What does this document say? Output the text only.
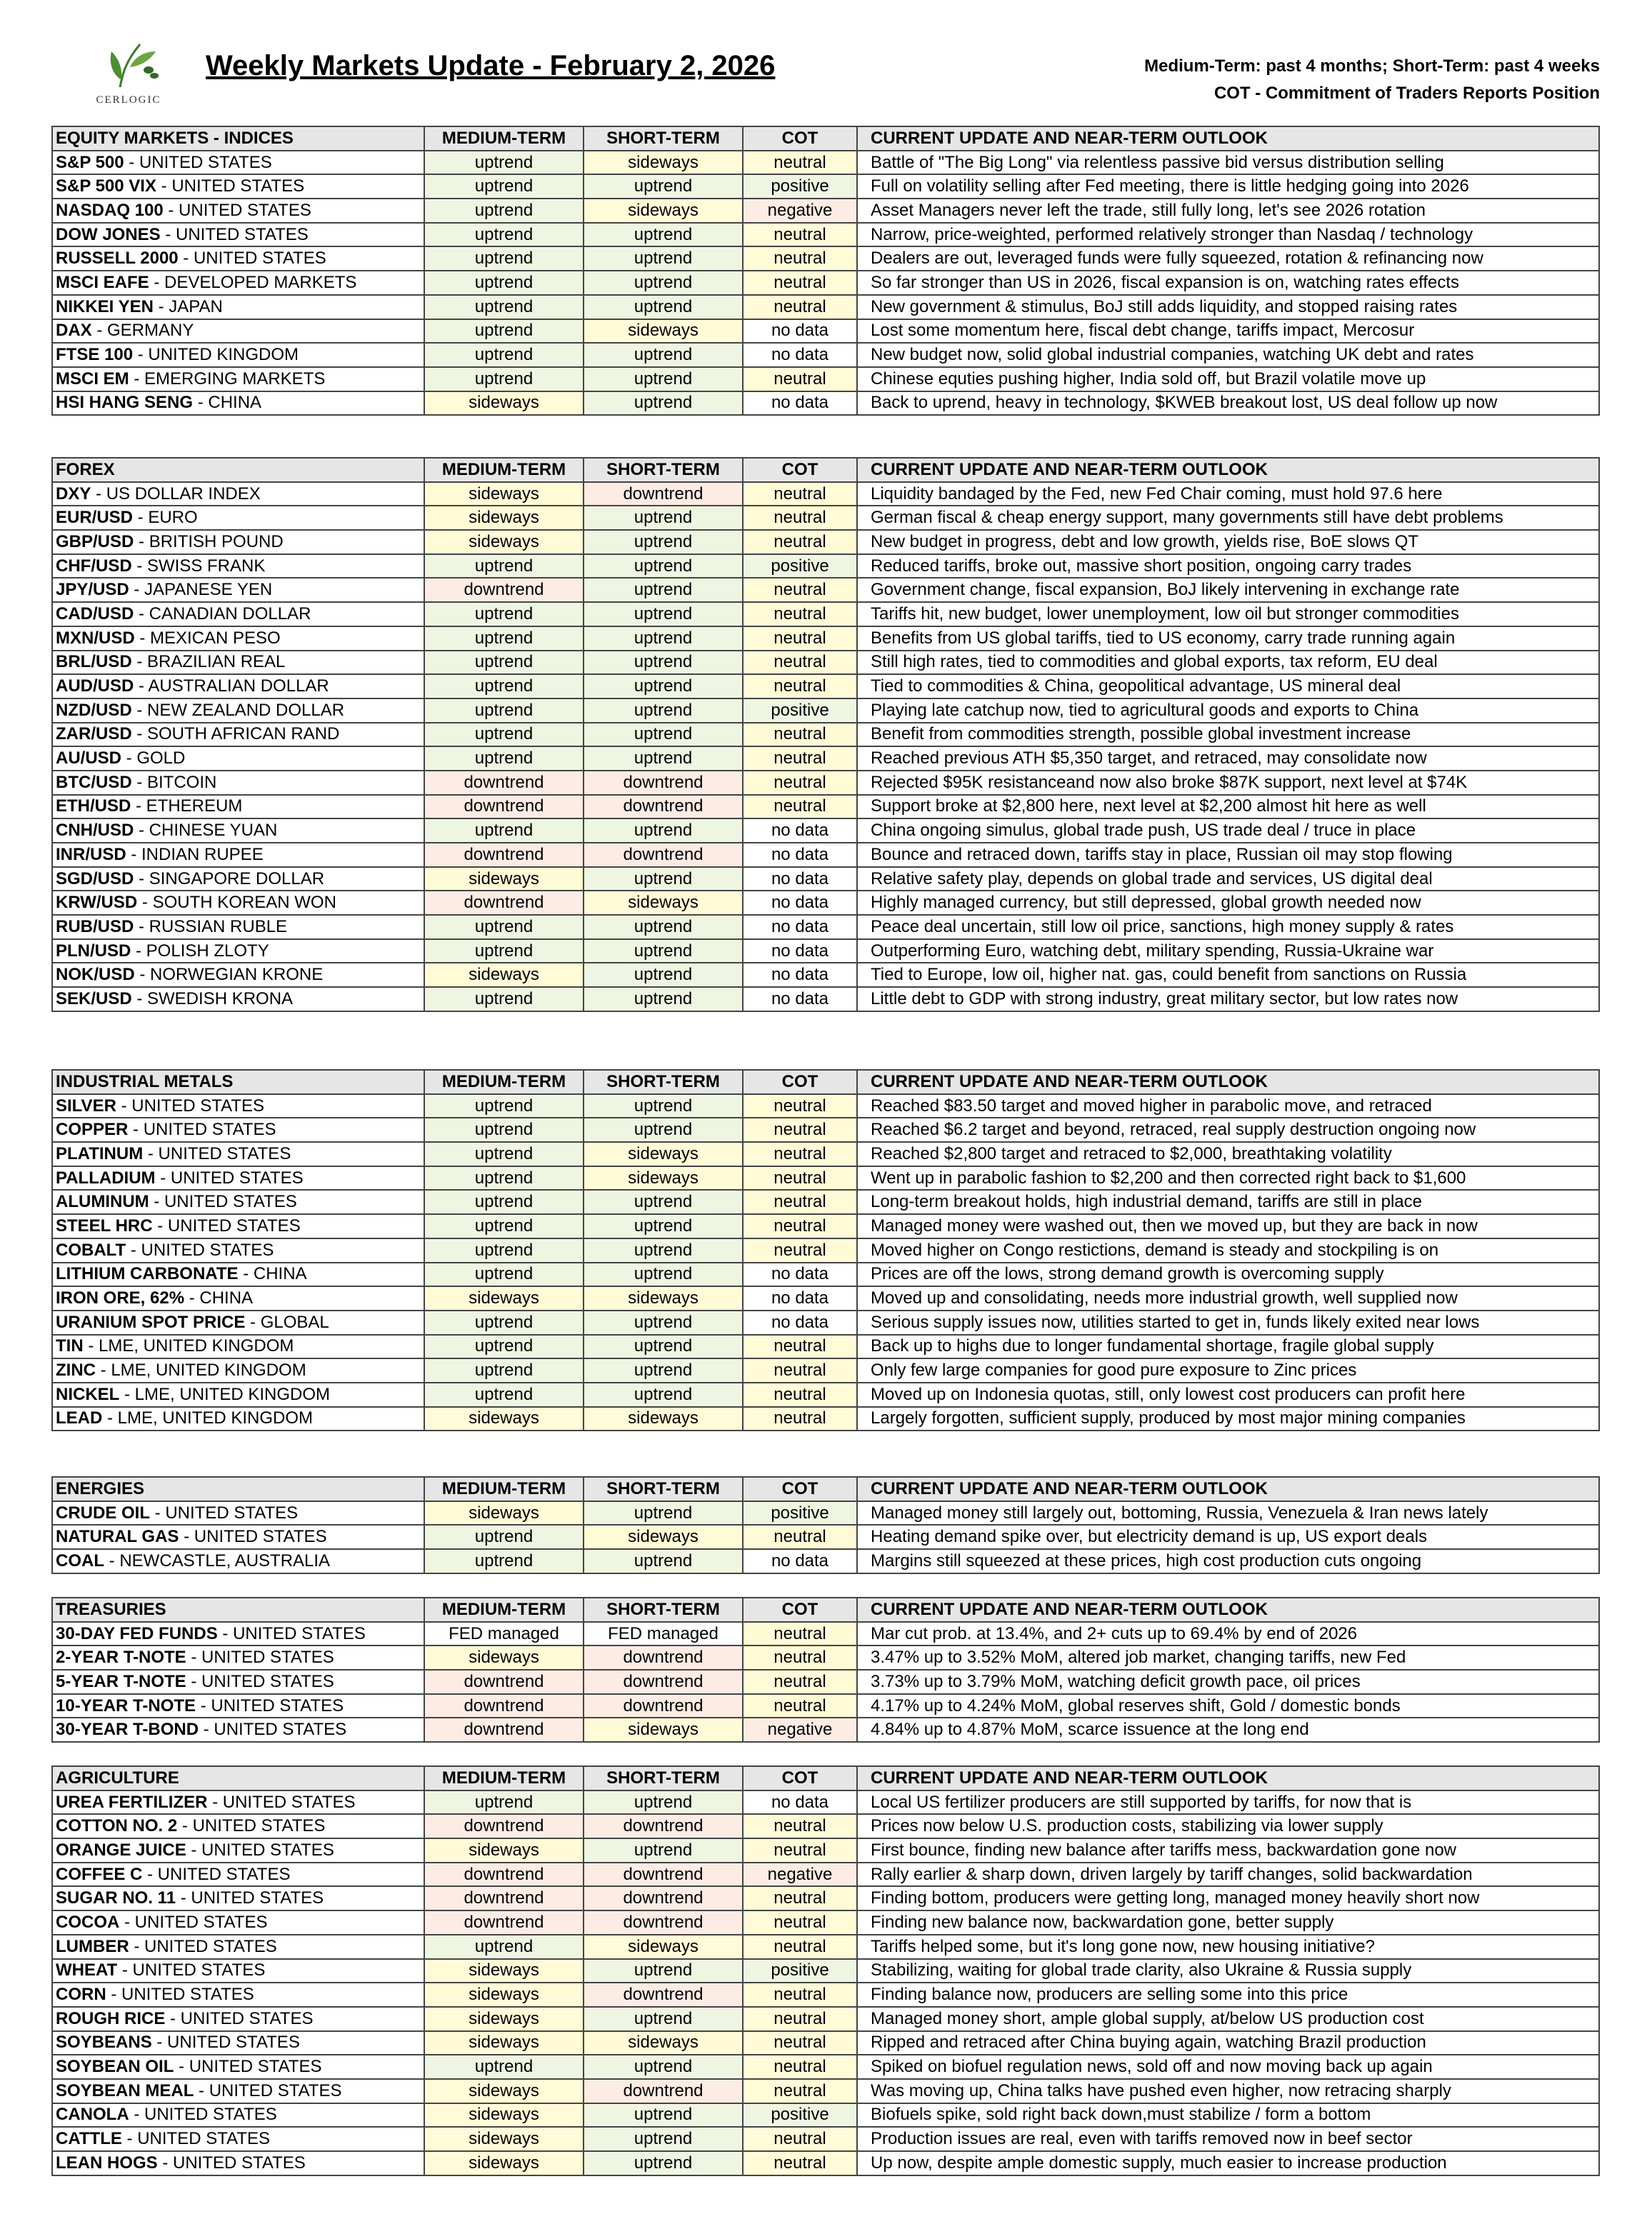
CERLOGIC
Weekly Markets Update - February 2, 2026	Medium-Term: past 4 months; Short-Term: past 4 weeks
COT - Commitment of Traders Reports Position
EQUITY MARKETS - INDICES	MEDIUM-TERM	SHORT-TERM	COT	CURRENT UPDATE AND NEAR-TERM OUTLOOK
S&P 500 - UNITED STATES	uptrend	sideways	neutral	Battle of "The Big Long" via relentless passive bid versus distribution selling
S&P 500 VIX - UNITED STATES	uptrend	uptrend	positive	Full on volatility selling after Fed meeting, there is little hedging going into 2026
NASDAQ 100 - UNITED STATES	uptrend	sideways	negative	Asset Managers never left the trade, still fully long, let's see 2026 rotation
DOW JONES - UNITED STATES	uptrend	uptrend	neutral	Narrow, price-weighted, performed relatively stronger than Nasdaq / technology
RUSSELL 2000 - UNITED STATES	uptrend	uptrend	neutral	Dealers are out, leveraged funds were fully squeezed, rotation & refinancing now
MSCI EAFE - DEVELOPED MARKETS	uptrend	uptrend	neutral	So far stronger than US in 2026, fiscal expansion is on, watching rates effects
NIKKEI YEN - JAPAN	uptrend	uptrend	neutral	New government & stimulus, BoJ still adds liquidity, and stopped raising rates
DAX - GERMANY	uptrend	sideways	no data	Lost some momentum here, fiscal debt change, tariffs impact, Mercosur
FTSE 100 - UNITED KINGDOM	uptrend	uptrend	no data	New budget now, solid global industrial companies, watching UK debt and rates
MSCI EM - EMERGING MARKETS	uptrend	uptrend	neutral	Chinese equties pushing higher, India sold off, but Brazil volatile move up
HSI HANG SENG - CHINA	sideways	uptrend	no data	Back to uprend, heavy in technology, $KWEB breakout lost, US deal follow up now
FOREX	MEDIUM-TERM	SHORT-TERM	COT	CURRENT UPDATE AND NEAR-TERM OUTLOOK
DXY - US DOLLAR INDEX	sideways	downtrend	neutral	Liquidity bandaged by the Fed, new Fed Chair coming, must hold 97.6 here
EUR/USD - EURO	sideways	uptrend	neutral	German fiscal & cheap energy support, many governments still have debt problems
GBP/USD - BRITISH POUND	sideways	uptrend	neutral	New budget in progress, debt and low growth, yields rise, BoE slows QT
CHF/USD - SWISS FRANK	uptrend	uptrend	positive	Reduced tariffs, broke out, massive short position, ongoing carry trades
JPY/USD - JAPANESE YEN	downtrend	uptrend	neutral	Government change, fiscal expansion, BoJ likely intervening in exchange rate
CAD/USD - CANADIAN DOLLAR	uptrend	uptrend	neutral	Tariffs hit, new budget, lower unemployment, low oil but stronger commodities
MXN/USD - MEXICAN PESO	uptrend	uptrend	neutral	Benefits from US global tariffs, tied to US economy, carry trade running again
BRL/USD - BRAZILIAN REAL	uptrend	uptrend	neutral	Still high rates, tied to commodities and global exports, tax reform, EU deal
AUD/USD - AUSTRALIAN DOLLAR	uptrend	uptrend	neutral	Tied to commodities & China, geopolitical advantage, US mineral deal
NZD/USD - NEW ZEALAND DOLLAR	uptrend	uptrend	positive	Playing late catchup now, tied to agricultural goods and exports to China
ZAR/USD - SOUTH AFRICAN RAND	uptrend	uptrend	neutral	Benefit from commodities strength, possible global investment increase
AU/USD - GOLD	uptrend	uptrend	neutral	Reached previous ATH $5,350 target, and retraced, may consolidate now
BTC/USD - BITCOIN	downtrend	downtrend	neutral	Rejected $95K resistanceand now also broke $87K support, next level at $74K
ETH/USD - ETHEREUM	downtrend	downtrend	neutral	Support broke at $2,800 here, next level at $2,200 almost hit here as well
CNH/USD - CHINESE YUAN	uptrend	uptrend	no data	China ongoing simulus, global trade push, US trade deal / truce in place
INR/USD - INDIAN RUPEE	downtrend	downtrend	no data	Bounce and retraced down, tariffs stay in place, Russian oil may stop flowing
SGD/USD - SINGAPORE DOLLAR	sideways	uptrend	no data	Relative safety play, depends on global trade and services, US digital deal
KRW/USD - SOUTH KOREAN WON	downtrend	sideways	no data	Highly managed currency, but still depressed, global growth needed now
RUB/USD - RUSSIAN RUBLE	uptrend	uptrend	no data	Peace deal uncertain, still low oil price, sanctions, high money supply & rates
PLN/USD - POLISH ZLOTY	uptrend	uptrend	no data	Outperforming Euro, watching debt, military spending, Russia-Ukraine war
NOK/USD - NORWEGIAN KRONE	sideways	uptrend	no data	Tied to Europe, low oil, higher nat. gas, could benefit from sanctions on Russia
SEK/USD - SWEDISH KRONA	uptrend	uptrend	no data	Little debt to GDP with strong industry, great military sector, but low rates now
INDUSTRIAL METALS	MEDIUM-TERM	SHORT-TERM	COT	CURRENT UPDATE AND NEAR-TERM OUTLOOK
SILVER - UNITED STATES	uptrend	uptrend	neutral	Reached $83.50 target and moved higher in parabolic move, and retraced
COPPER - UNITED STATES	uptrend	uptrend	neutral	Reached $6.2 target and beyond, retraced, real supply destruction ongoing now
PLATINUM - UNITED STATES	uptrend	sideways	neutral	Reached $2,800 target and retraced to $2,000, breathtaking volatility
PALLADIUM - UNITED STATES	uptrend	sideways	neutral	Went up in parabolic fashion to $2,200 and then corrected right back to $1,600
ALUMINUM - UNITED STATES	uptrend	uptrend	neutral	Long-term breakout holds, high industrial demand, tariffs are still in place
STEEL HRC - UNITED STATES	uptrend	uptrend	neutral	Managed money were washed out, then we moved up, but they are back in now
COBALT - UNITED STATES	uptrend	uptrend	neutral	Moved higher on Congo restictions, demand is steady and stockpiling is on
LITHIUM CARBONATE - CHINA	uptrend	uptrend	no data	Prices are off the lows, strong demand growth is overcoming supply
IRON ORE, 62% - CHINA	sideways	sideways	no data	Moved up and consolidating, needs more industrial growth, well supplied now
URANIUM SPOT PRICE - GLOBAL	uptrend	uptrend	no data	Serious supply issues now, utilities started to get in, funds likely exited near lows
TIN - LME, UNITED KINGDOM	uptrend	uptrend	neutral	Back up to highs due to longer fundamental shortage, fragile global supply
ZINC - LME, UNITED KINGDOM	uptrend	uptrend	neutral	Only few large companies for good pure exposure to Zinc prices
NICKEL - LME, UNITED KINGDOM	uptrend	uptrend	neutral	Moved up on Indonesia quotas, still, only lowest cost producers can profit here
LEAD - LME, UNITED KINGDOM	sideways	sideways	neutral	Largely forgotten, sufficient supply, produced by most major mining companies
ENERGIES	MEDIUM-TERM	SHORT-TERM	COT	CURRENT UPDATE AND NEAR-TERM OUTLOOK
CRUDE OIL - UNITED STATES	sideways	uptrend	positive	Managed money still largely out, bottoming, Russia, Venezuela & Iran news lately
NATURAL GAS - UNITED STATES	uptrend	sideways	neutral	Heating demand spike over, but electricity demand is up, US export deals
COAL - NEWCASTLE, AUSTRALIA	uptrend	uptrend	no data	Margins still squeezed at these prices, high cost production cuts ongoing
TREASURIES	MEDIUM-TERM	SHORT-TERM	COT	CURRENT UPDATE AND NEAR-TERM OUTLOOK
30-DAY FED FUNDS - UNITED STATES	FED managed	FED managed	neutral	Mar cut prob. at 13.4%, and 2+ cuts up to 69.4% by end of 2026
2-YEAR T-NOTE - UNITED STATES	sideways	downtrend	neutral	3.47% up to 3.52% MoM, altered job market, changing tariffs, new Fed
5-YEAR T-NOTE - UNITED STATES	downtrend	downtrend	neutral	3.73% up to 3.79% MoM, watching deficit growth pace, oil prices
10-YEAR T-NOTE - UNITED STATES	downtrend	downtrend	neutral	4.17% up to 4.24% MoM, global reserves shift, Gold / domestic bonds
30-YEAR T-BOND - UNITED STATES	downtrend	sideways	negative	4.84% up to 4.87% MoM, scarce issuence at the long end
AGRICULTURE	MEDIUM-TERM	SHORT-TERM	COT	CURRENT UPDATE AND NEAR-TERM OUTLOOK
UREA FERTILIZER - UNITED STATES	uptrend	uptrend	no data	Local US fertilizer producers are still supported by tariffs, for now that is
COTTON NO. 2 - UNITED STATES	downtrend	downtrend	neutral	Prices now below U.S. production costs, stabilizing via lower supply
ORANGE JUICE - UNITED STATES	sideways	uptrend	neutral	First bounce, finding new balance after tariffs mess, backwardation gone now
COFFEE C - UNITED STATES	downtrend	downtrend	negative	Rally earlier & sharp down, driven largely by tariff changes, solid backwardation
SUGAR NO. 11 - UNITED STATES	downtrend	downtrend	neutral	Finding bottom, producers were getting long, managed money heavily short now
COCOA - UNITED STATES	downtrend	downtrend	neutral	Finding new balance now, backwardation gone, better supply
LUMBER - UNITED STATES	uptrend	sideways	neutral	Tariffs helped some, but it's long gone now, new housing initiative?
WHEAT - UNITED STATES	sideways	uptrend	positive	Stabilizing, waiting for global trade clarity, also Ukraine & Russia supply
CORN - UNITED STATES	sideways	downtrend	neutral	Finding balance now, producers are selling some into this price
ROUGH RICE - UNITED STATES	sideways	uptrend	neutral	Managed money short, ample global supply, at/below US production cost
SOYBEANS - UNITED STATES	sideways	sideways	neutral	Ripped and retraced after China buying again, watching Brazil production
SOYBEAN OIL - UNITED STATES	uptrend	uptrend	neutral	Spiked on biofuel regulation news, sold off and now moving back up again
SOYBEAN MEAL - UNITED STATES	sideways	downtrend	neutral	Was moving up, China talks have pushed even higher, now retracing sharply
CANOLA - UNITED STATES	sideways	uptrend	positive	Biofuels spike, sold right back down,must stabilize / form a bottom
CATTLE - UNITED STATES	sideways	uptrend	neutral	Production issues are real, even with tariffs removed now in beef sector
LEAN HOGS - UNITED STATES	sideways	uptrend	neutral	Up now, despite ample domestic supply, much easier to increase production
